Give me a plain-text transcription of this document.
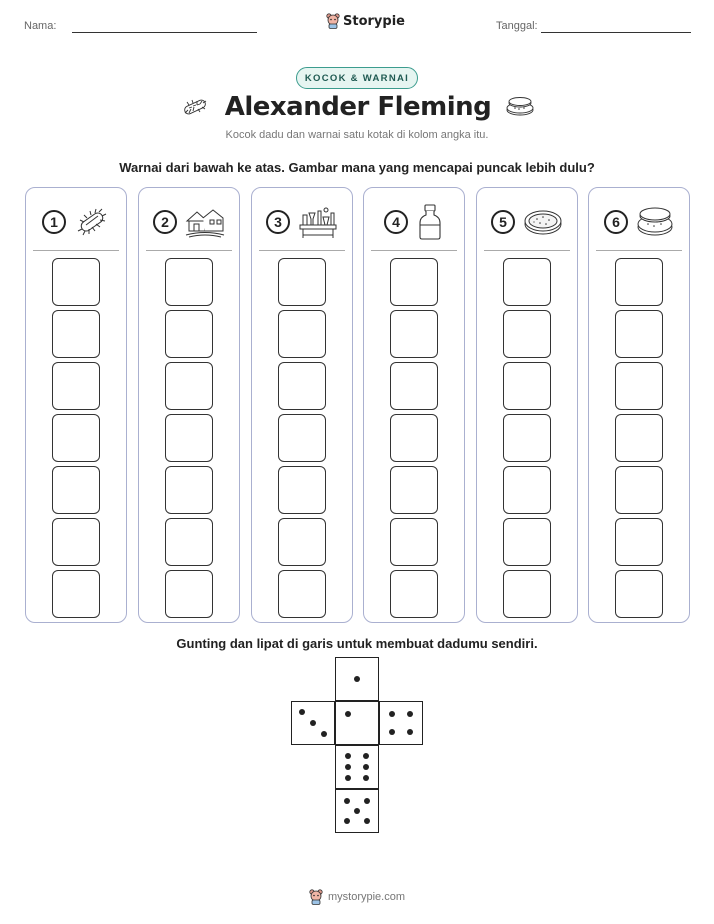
Nama:	Storypie	Tanggal:
KOCOK & WARNAI
Alexander Fleming
Kocok dadu dan warnai satu kotak di kolom angka itu.
Warnai dari bawah ke atas. Gambar mana yang mencapai puncak lebih dulu?
1	2	3	4	5	6
Gunting dan lipat di garis untuk membuat dadumu sendiri.
mystorypie.com
